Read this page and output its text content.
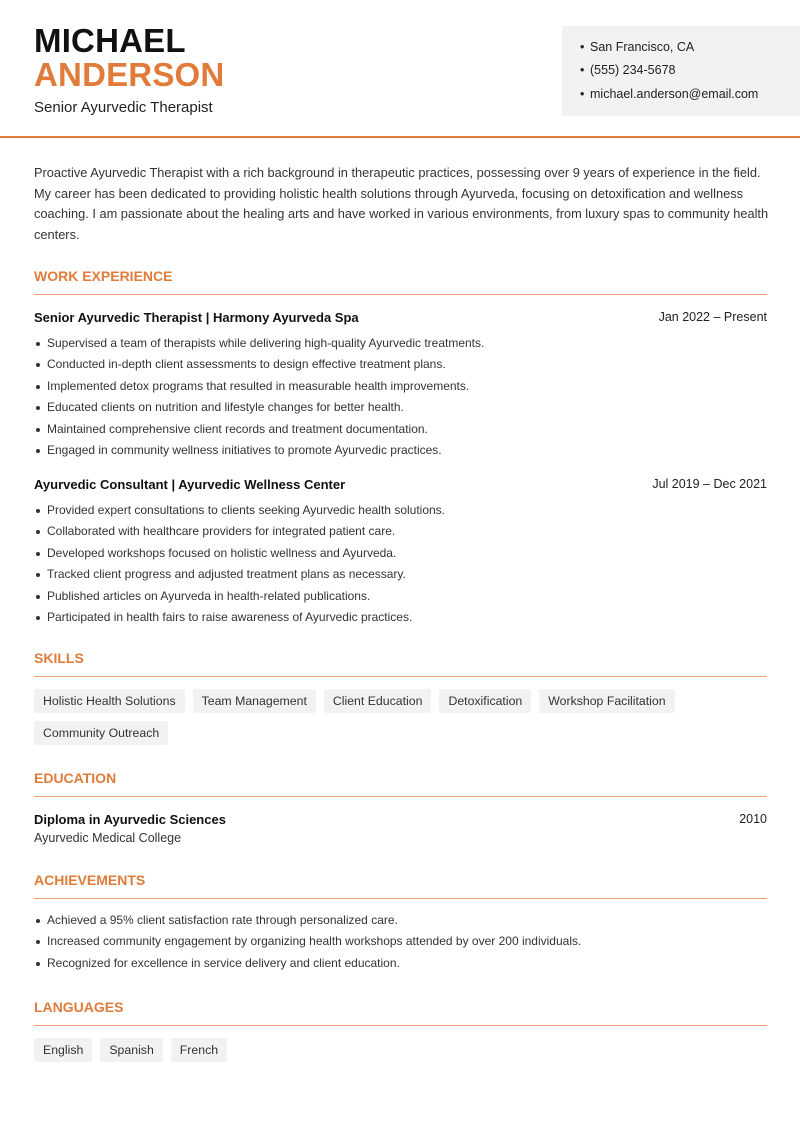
MICHAEL
ANDERSON
Senior Ayurvedic Therapist
• San Francisco, CA
• (555) 234-5678
• michael.anderson@email.com
Proactive Ayurvedic Therapist with a rich background in therapeutic practices, possessing over 9 years of experience in the field. My career has been dedicated to providing holistic health solutions through Ayurveda, focusing on detoxification and wellness coaching. I am passionate about the healing arts and have worked in various environments, from luxury spas to community health centers.
WORK EXPERIENCE
Senior Ayurvedic Therapist | Harmony Ayurveda Spa	Jan 2022 – Present
Supervised a team of therapists while delivering high-quality Ayurvedic treatments.
Conducted in-depth client assessments to design effective treatment plans.
Implemented detox programs that resulted in measurable health improvements.
Educated clients on nutrition and lifestyle changes for better health.
Maintained comprehensive client records and treatment documentation.
Engaged in community wellness initiatives to promote Ayurvedic practices.
Ayurvedic Consultant | Ayurvedic Wellness Center	Jul 2019 – Dec 2021
Provided expert consultations to clients seeking Ayurvedic health solutions.
Collaborated with healthcare providers for integrated patient care.
Developed workshops focused on holistic wellness and Ayurveda.
Tracked client progress and adjusted treatment plans as necessary.
Published articles on Ayurveda in health-related publications.
Participated in health fairs to raise awareness of Ayurvedic practices.
SKILLS
Holistic Health Solutions	Team Management	Client Education	Detoxification	Workshop Facilitation
Community Outreach
EDUCATION
Diploma in Ayurvedic Sciences	2010
Ayurvedic Medical College
ACHIEVEMENTS
Achieved a 95% client satisfaction rate through personalized care.
Increased community engagement by organizing health workshops attended by over 200 individuals.
Recognized for excellence in service delivery and client education.
LANGUAGES
English	Spanish	French
